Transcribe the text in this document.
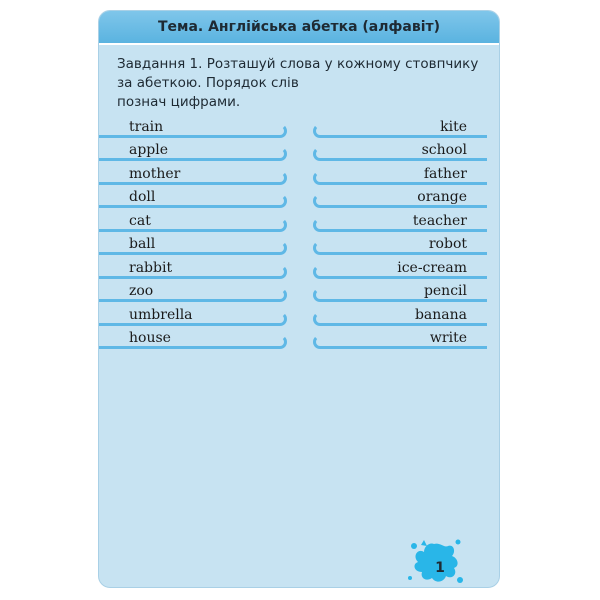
Тема. Англійська абетка (алфавіт)
Завдання 1. Розташуй слова у кожному стовпчику
за абеткою. Порядок слів
познач цифрами.
train
apple
mother
doll
cat
ball
rabbit
zoo
umbrella
house
kite
school
father
orange
teacher
robot
ice-cream
pencil
banana
write
1
